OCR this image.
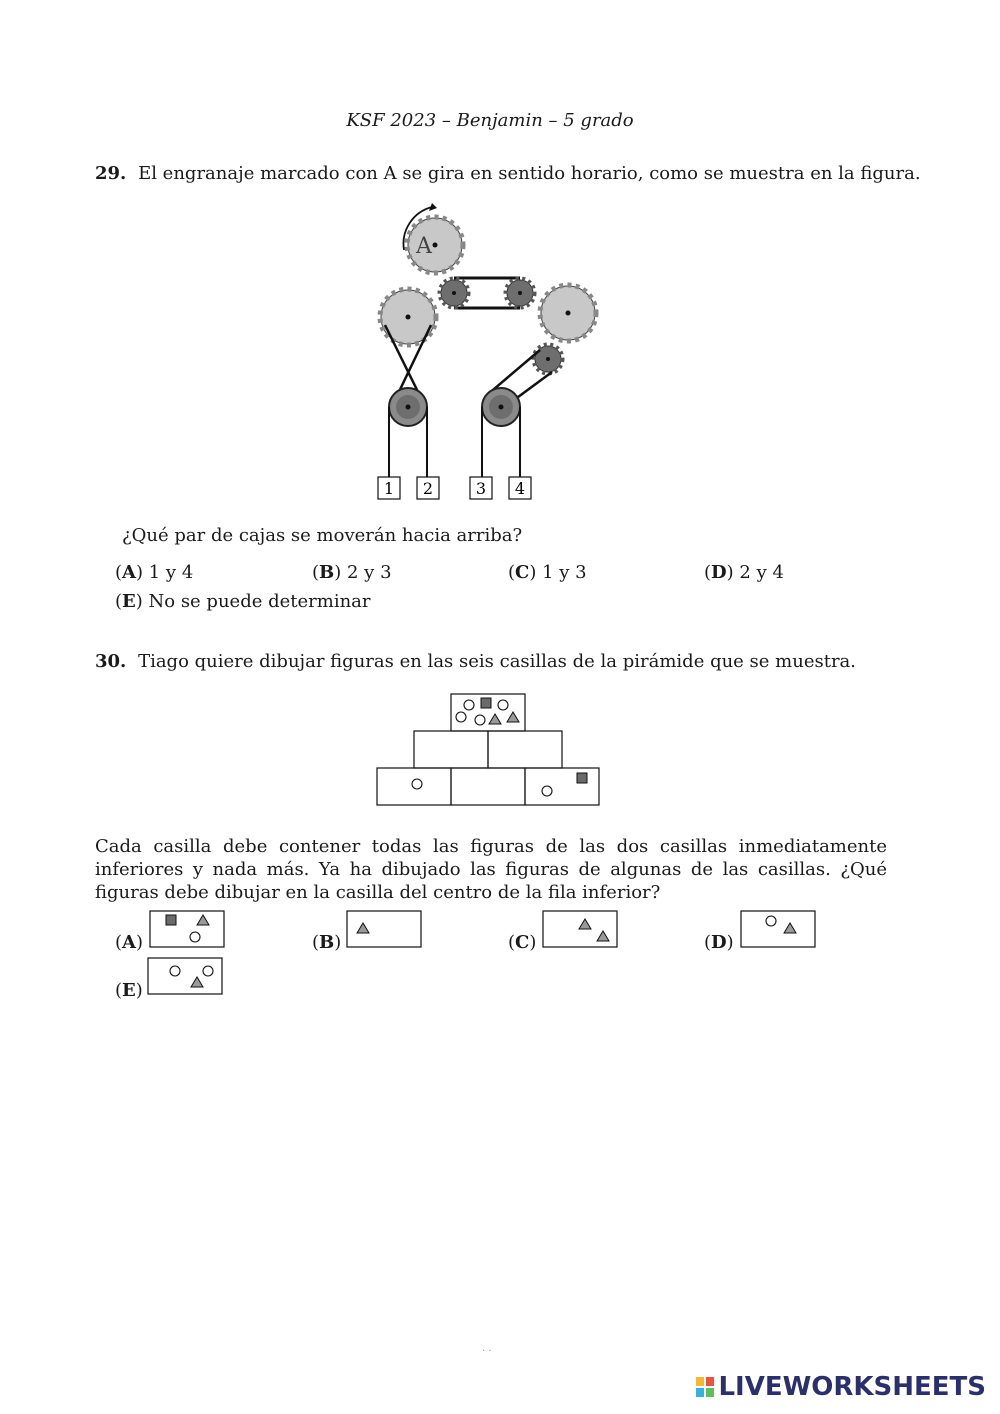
KSF 2023 – Benjamin – 5 grado
29. El engranaje marcado con A se gira en sentido horario, como se muestra en la figura.
A
1 2	3 4
¿Qué par de cajas se moverán hacia arriba?
(A) 1 y 4	(B) 2 y 3	(C) 1 y 3	(D) 2 y 4
(E) No se puede determinar
30. Tiago quiere dibujar figuras en las seis casillas de la pirámide que se muestra.
Cada casilla debe contener todas las figuras de las dos casillas inmediatamente inferiores y nada más. Ya ha dibujado las figuras de algunas de las casillas. ¿Qué figuras debe dibujar en la casilla del centro de la fila inferior?
(A)	(B)	(C)	(D)
(E)
· ·
LIVEWORKSHEETS
